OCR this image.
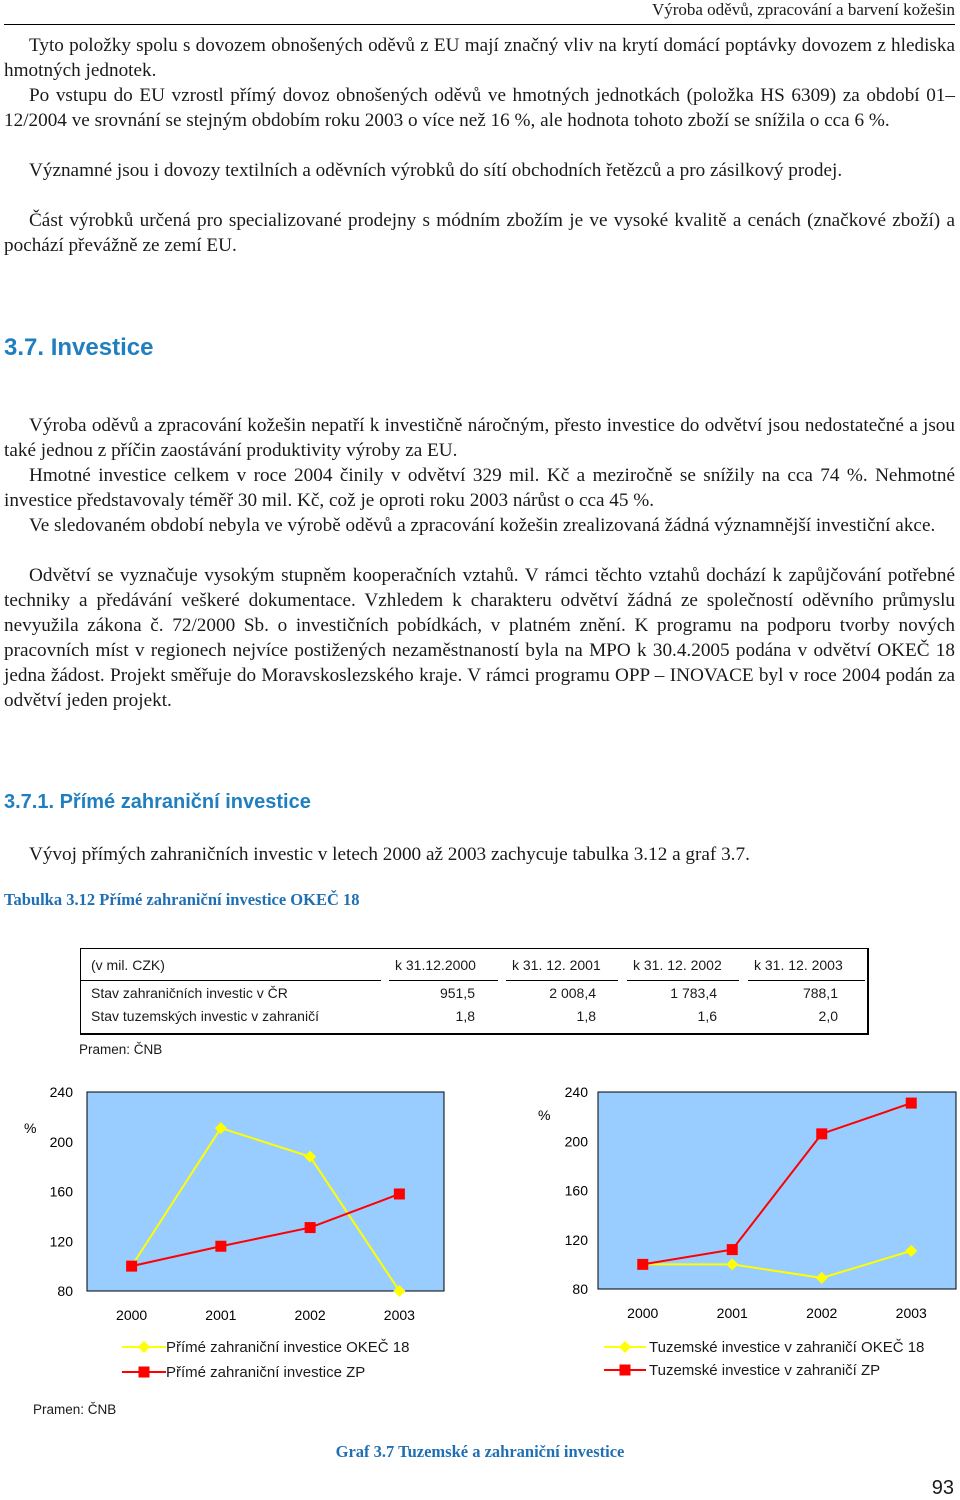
Výroba oděvů, zpracování a barvení kožešin

Tyto položky spolu s dovozem obnošených oděvů z EU mají značný vliv na krytí domácí poptávky dovozem z hlediska hmotných jednotek.

Po vstupu do EU vzrostl přímý dovoz obnošených oděvů ve hmotných jednotkách (položka HS 6309) za období 01–12/2004 ve srovnání se stejným obdobím roku 2003 o více než 16 %, ale hodnota tohoto zboží se snížila o cca 6 %.

Významné jsou i dovozy textilních a oděvních výrobků do sítí obchodních řetězců a pro zásilkový prodej.

Část výrobků určená pro specializované prodejny s módním zbožím je ve vysoké kvalitě a cenách (značkové zboží) a pochází převážně ze zemí EU.

3.7. Investice

Výroba oděvů a zpracování kožešin nepatří k investičně náročným, přesto investice do odvětví jsou nedostatečné a jsou také jednou z příčin zaostávání produktivity výroby za EU.

Hmotné investice celkem v roce 2004 činily v odvětví 329 mil. Kč a meziročně se snížily na cca 74 %. Nehmotné investice představovaly téměř 30 mil. Kč, což je oproti roku 2003 nárůst o cca 45 %.

Ve sledovaném období nebyla ve výrobě oděvů a zpracování kožešin zrealizovaná žádná významnější investiční akce.

Odvětví se vyznačuje vysokým stupněm kooperačních vztahů. V rámci těchto vztahů dochází k zapůjčování potřebné techniky a předávání veškeré dokumentace. Vzhledem k charakteru odvětví žádná ze společností oděvního průmyslu nevyužila zákona č. 72/2000 Sb. o investičních pobídkách, v platném znění. K programu na podporu tvorby nových pracovních míst v regionech nejvíce postižených nezaměstnaností byla na MPO k 30.4.2005 podána v odvětví OKEČ 18 jedna žádost. Projekt směřuje do Moravskoslezského kraje. V rámci programu OPP – INOVACE byl v roce 2004 podán za odvětví jeden projekt.

3.7.1. Přímé zahraniční investice

Vývoj přímých zahraničních investic v letech 2000 až 2003 zachycuje tabulka 3.12 a graf 3.7.

Tabulka 3.12 Přímé zahraniční investice OKEČ 18
(v mil. CZK)	k 31.12.2000	k 31. 12. 2001 k 31. 12. 2002 k 31. 12. 2003
Stav zahraničních investic v ČR	951,5	2 008,4	1 783,4	788,1
Stav tuzemských investic v zahraničí	1,8	1,8	1,6	2,0
Pramen: ČNB
240
200
160
120
80
%
2000	2001	2002	2003
240
200
160
120
80
%
2000	2001	2002	2003
Přímé zahraniční investice OKEČ 18
Přímé zahraniční investice ZP
Tuzemské investice v zahraničí OKEČ 18
Tuzemské investice v zahraničí ZP
Pramen: ČNB
Graf 3.7 Tuzemské a zahraniční investice
93
